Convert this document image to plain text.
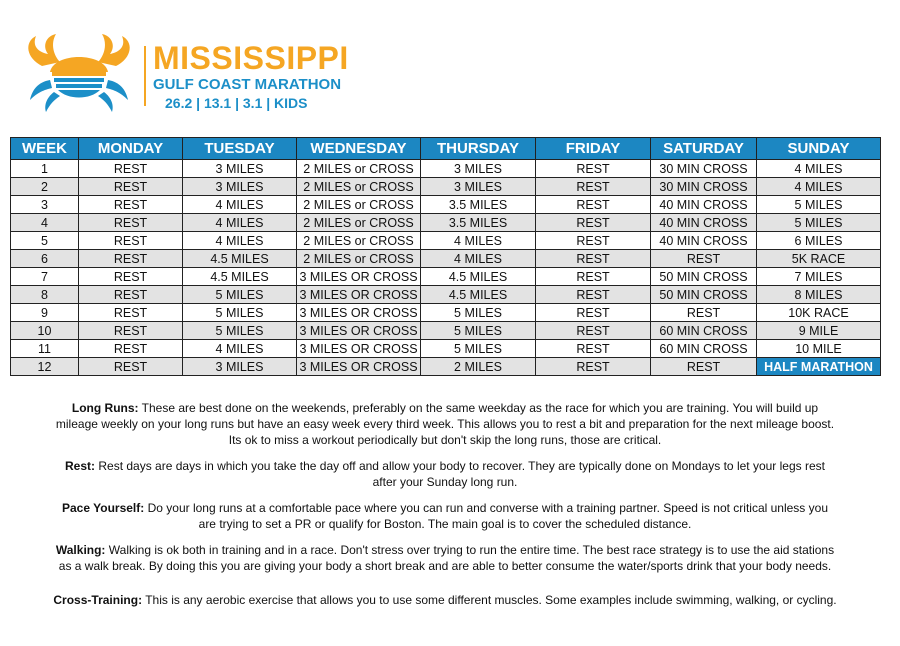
MISSISSIPPI
GULF COAST MARATHON
26.2 | 13.1 | 3.1 | KIDS
WEEK	MONDAY	TUESDAY	WEDNESDAY	THURSDAY	FRIDAY	SATURDAY	SUNDAY
1	REST	3 MILES	2 MILES or CROSS	3 MILES	REST	30 MIN CROSS	4 MILES
2	REST	3 MILES	2 MILES or CROSS	3 MILES	REST	30 MIN CROSS	4 MILES
3	REST	4 MILES	2 MILES or CROSS	3.5 MILES	REST	40 MIN CROSS	5 MILES
4	REST	4 MILES	2 MILES or CROSS	3.5 MILES	REST	40 MIN CROSS	5 MILES
5	REST	4 MILES	2 MILES or CROSS	4 MILES	REST	40 MIN CROSS	6 MILES
6	REST	4.5 MILES	2 MILES or CROSS	4 MILES	REST	REST	5K RACE
7	REST	4.5 MILES	3 MILES OR CROSS	4.5 MILES	REST	50 MIN CROSS	7 MILES
8	REST	5 MILES	3 MILES OR CROSS	4.5 MILES	REST	50 MIN CROSS	8 MILES
9	REST	5 MILES	3 MILES OR CROSS	5 MILES	REST	REST	10K RACE
10	REST	5 MILES	3 MILES OR CROSS	5 MILES	REST	60 MIN CROSS	9 MILE
11	REST	4 MILES	3 MILES OR CROSS	5 MILES	REST	60 MIN CROSS	10 MILE
12	REST	3 MILES	3 MILES OR CROSS	2 MILES	REST	REST	HALF MARATHON

Long Runs: These are best done on the weekends, preferably on the same weekday as the race for which you are training. You will build up
mileage weekly on your long runs but have an easy week every third week. This allows you to rest a bit and preparation for the next mileage boost.
Its ok to miss a workout periodically but don't skip the long runs, those are critical.

Rest: Rest days are days in which you take the day off and allow your body to recover. They are typically done on Mondays to let your legs rest
after your Sunday long run.

Pace Yourself: Do your long runs at a comfortable pace where you can run and converse with a training partner. Speed is not critical unless you
are trying to set a PR or qualify for Boston. The main goal is to cover the scheduled distance.

Walking: Walking is ok both in training and in a race. Don't stress over trying to run the entire time. The best race strategy is to use the aid stations
as a walk break. By doing this you are giving your body a short break and are able to better consume the water/sports drink that your body needs.

Cross-Training: This is any aerobic exercise that allows you to use some different muscles. Some examples include swimming, walking, or cycling.
